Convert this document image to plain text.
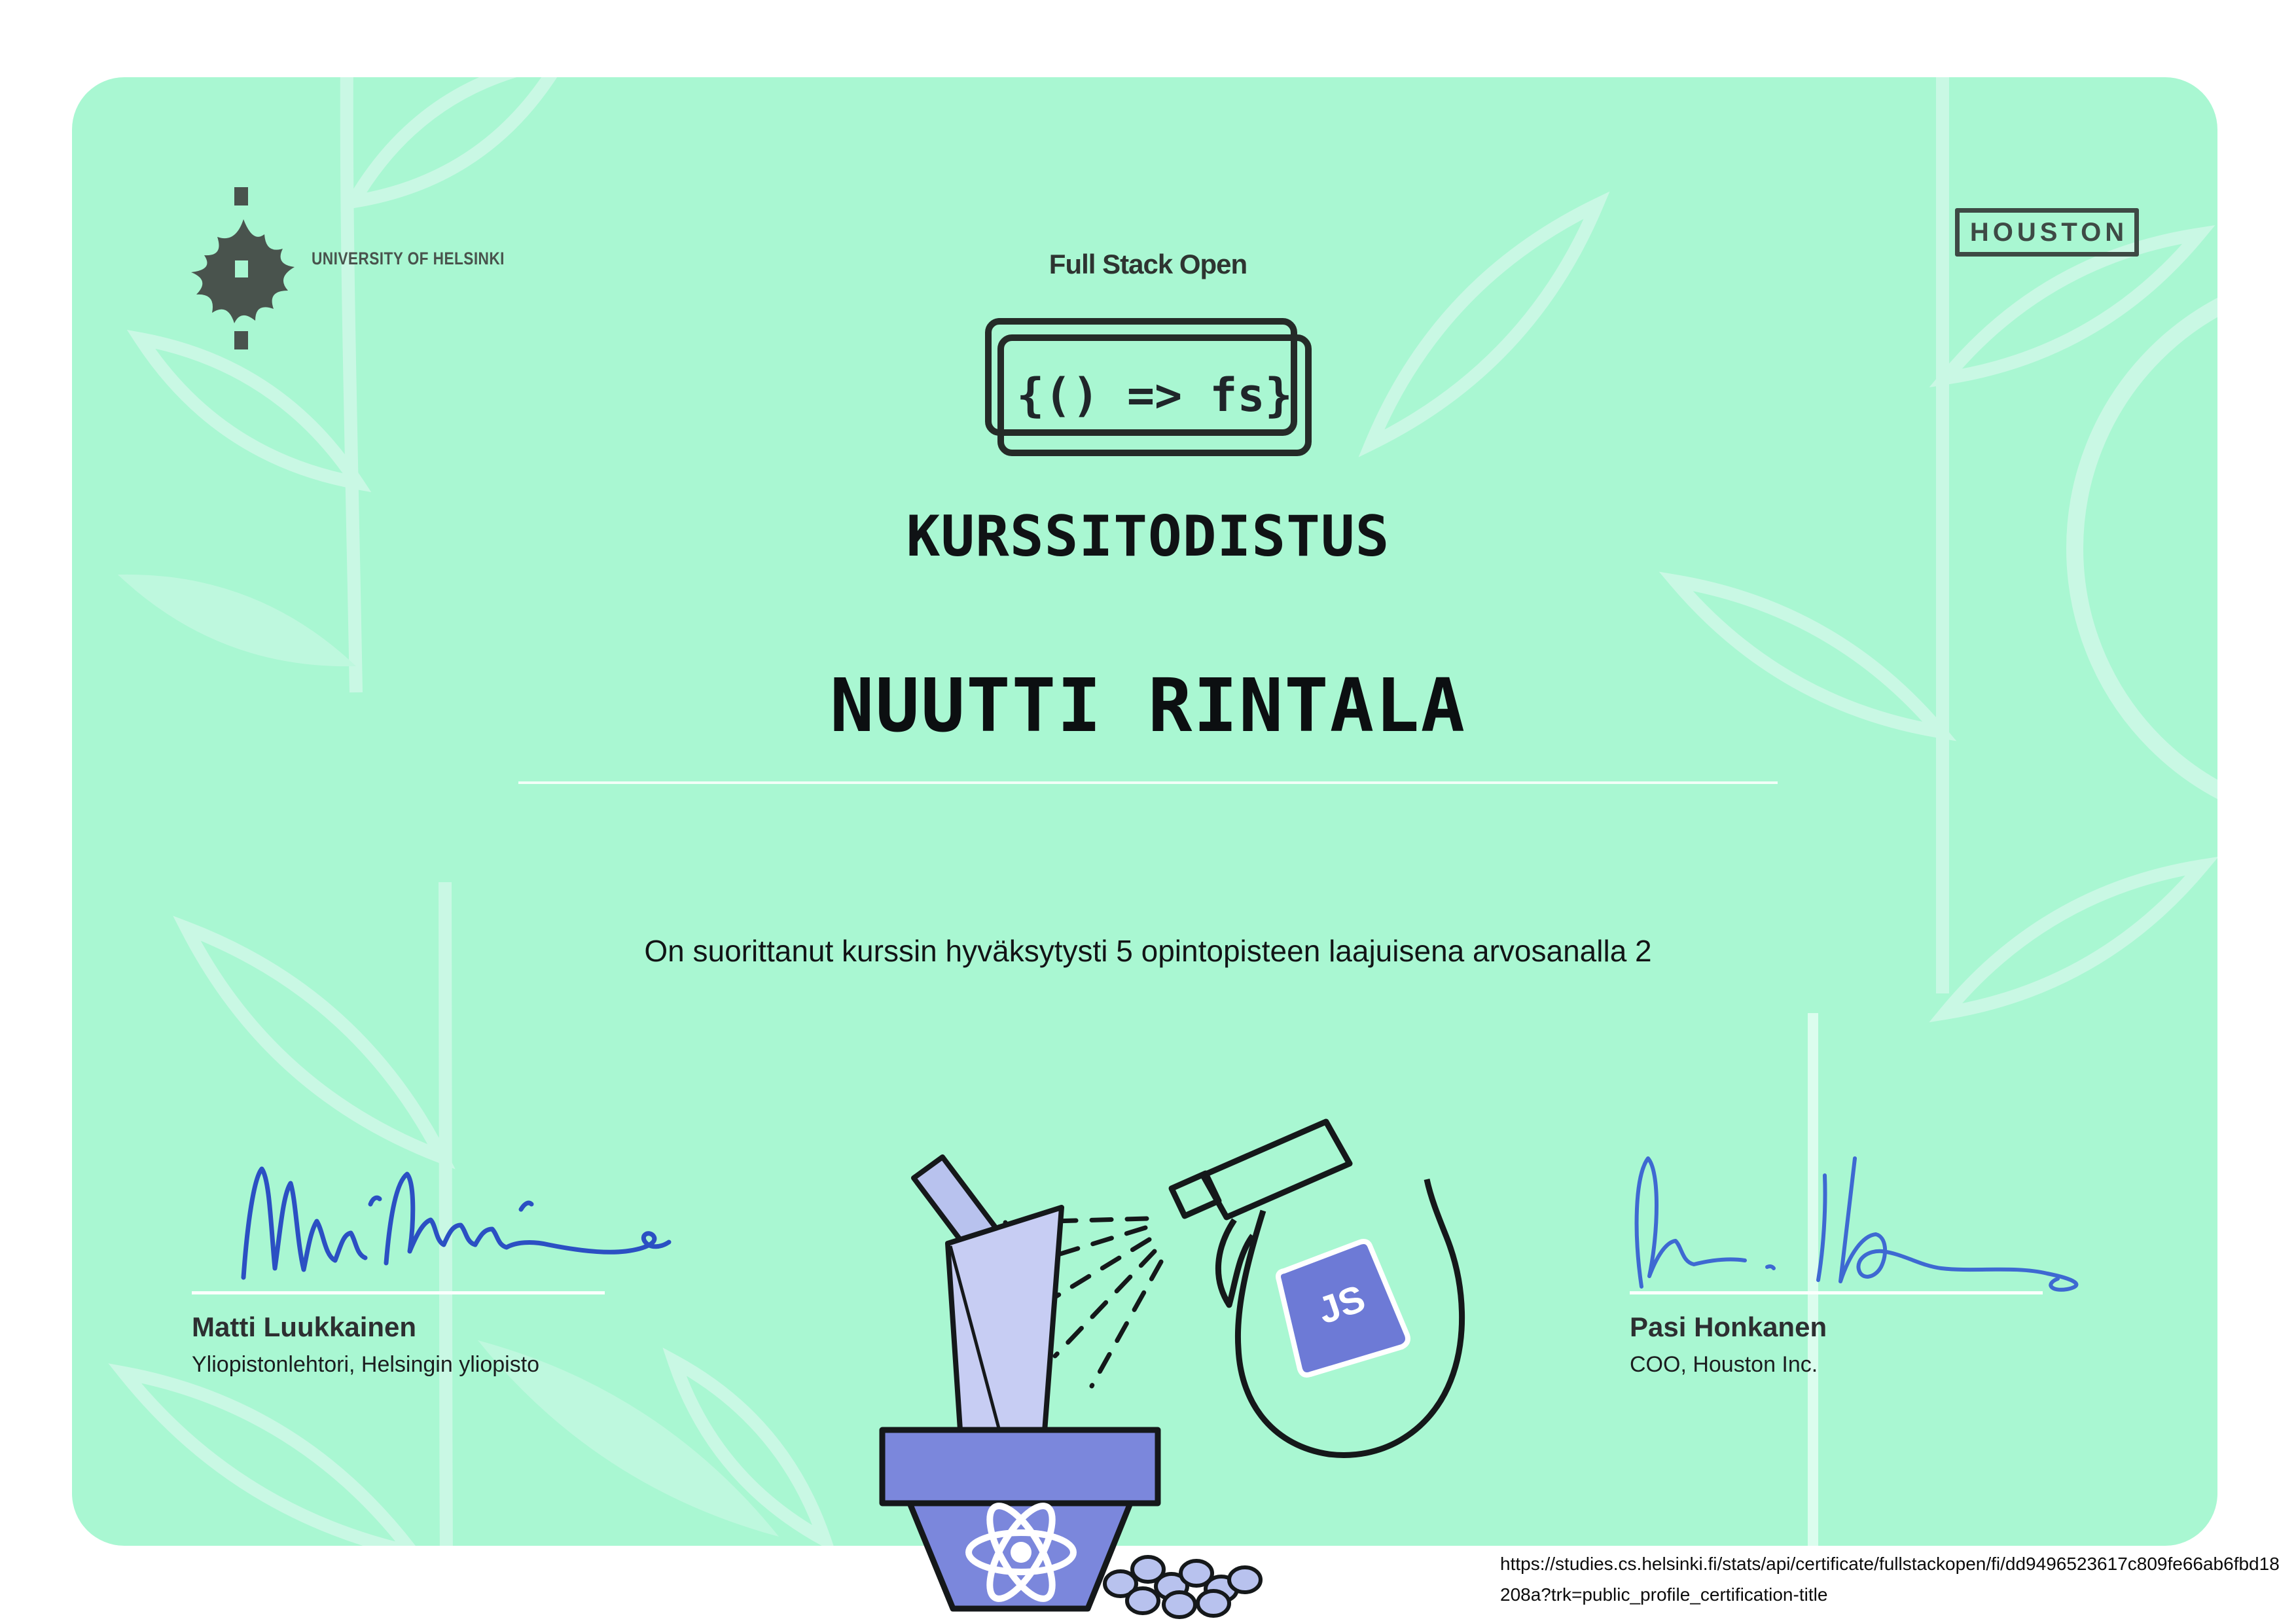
UNIVERSITY OF HELSINKI
HOUSTON
Full Stack Open
{() => fs}
KURSSITODISTUS
NUUTTI RINTALA
On suorittanut kurssin hyväksytysti 5 opintopisteen laajuisena arvosanalla 2
Matti Luukkainen
Yliopistonlehtori, Helsingin yliopisto
Pasi Honkanen
COO, Houston Inc.
https://studies.cs.helsinki.fi/stats/api/certificate/fullstackopen/fi/dd9496523617c809fe66ab6fbd18208a?trk=public_profile_certification-title
JS
